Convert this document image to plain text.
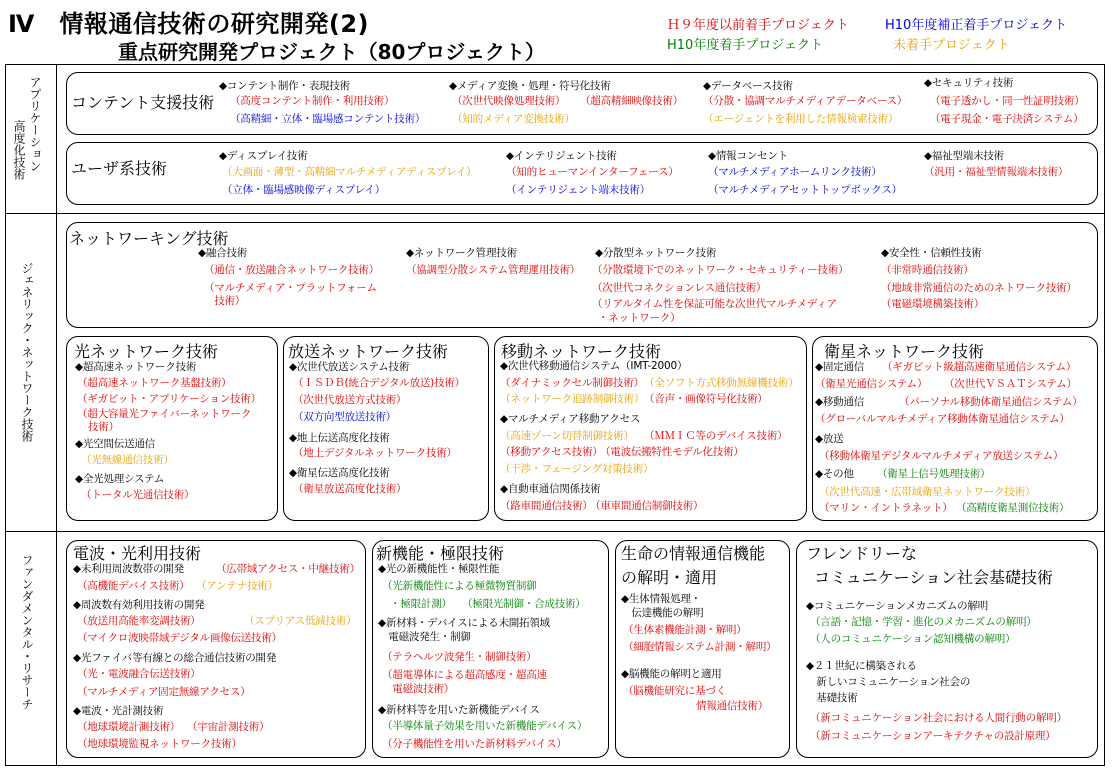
Ⅳ　情報通信技術の研究開発(2)
重点研究開発プロジェクト（80プロジェクト）
Ｈ９年度以前着手プロジェクト	H10年度補正着手プロジェクト
H10年度着手プロジェクト	未着手プロジェクト
アプリケーション
高度化技術
ジェネリック・ネットワーク技術
ファンダメンタル・リサーチ
コンテント支援技術
◆コンテント制作・表現技術
（高度コンテント制作・利用技術）
（高精細・立体・臨場感コンテント技術）
◆メディア変換・処理・符号化技術
（次世代映像処理技術） （超高精細映像技術）
（知的メディア変換技術）
◆データベース技術
（分散・協調マルチメディアデータベース）
（エージェントを利用した情報検索技術）
◆セキュリティ技術
（電子透かし・同一性証明技術）
（電子現金・電子決済システム）
ユーザ系技術
◆ディスプレイ技術
（大画面・薄型・高精細マルチメディアディスプレイ）
（立体・臨場感映像ディスプレイ）
◆インテリジェント技術
（知的ヒューマンインターフェース）
（インテリジェント端末技術）
◆情報コンセント
（マルチメディアホームリンク技術）
（マルチメディアセットトップボックス）
◆福祉型端末技術
（汎用・福祉型情報端末技術）
ネットワーキング技術
◆融合技術
（通信・放送融合ネットワーク技術）
（マルチメディア・プラットフォーム
　技術）
◆ネットワーク管理技術
（協調型分散システム管理運用技術）
◆分散型ネットワーク技術
（分散環境下でのネットワーク・セキュリティー技術）
（次世代コネクションレス通信技術）
（リアルタイム性を保証可能な次世代マルチメディア
・ネットワーク）
◆安全性・信頼性技術
（非常時通信技術）
（地域非常通信のためのネトワーク技術）
（電磁環境構築技術）
光ネットワーク技術
◆超高速ネットワーク技術
（超高速ネットワーク基盤技術）
（ギガビット・アプリケーション技術）
（超大容量光ファイバーネットワーク
技術）
◆光空間伝送通信
（光無線通信技術）
◆全光処理システム
（トータル光通信技術）
放送ネットワーク技術
◆次世代放送システム技術
（ＩＳＤＢ(統合デジタル放送)技術）
（次世代放送方式技術）
（双方向型放送技術）
◆地上伝送高度化技術
（地上デジタルネットワーク技術）
◆衛星伝送高度化技術
（衛星放送高度化技術）
移動ネットワーク技術
◆次世代移動通信システム（IMT-2000）
（ダイナミックセル制御技術） （全ソフト方式移動無線機技術）
（ネットワーク追跡制御技術） （音声・画像符号化技術）
◆マルチメディア移動アクセス
（高速ゾーン切替制御技術） （ＭＭＩＣ等のデバイス技術）
（移動アクセス技術）
（電波伝搬特性モデル化技術）
（干渉・フェージング対策技術）
◆自動車通信関係技術
（路車間通信技術）
（車車間通信制御技術）
衛星ネットワーク技術
◆固定通信 （ギガビット級超高速衛星通信システム）
（衛星光通信システム） （次世代ＶＳＡＴシステム）
◆移動通信	（パーソナル移動体衛星通信システム）
（グローバルマルチメディア移動体衛星通信システム）
◆放送
（移動体衛星デジタルマルチメディア放送システム）
◆その他 （衛星上信号処理技術）
（次世代高速・広帯域衛星ネットワーク技術）
（マリン・イントラネット） （高精度衛星測位技術）
電波・光利用技術
◆未利用周波数帯の開発	（広帯域アクセス・中継技術）
（高機能デバイス技術） （アンテナ技術）
◆周波数有効利用技術の開発
（放送用高能率変調技術）	（スプリアス低減技術）
（マイクロ波映帯域デジタル画像伝送技術）
◆光ファイバ等有線との総合通信技術の開発
（光・電波融合伝送技術）
（マルチメディア固定無線アクセス）
◆電波・光計測技術
（地球環境計測技術） （宇宙計測技術）
（地球環境監視ネットワーク技術）
新機能・極限技術
◆光の新機能性・極限性能
（光新機能性による極微物質制御
・極限計測） （極限光制御・合成技術）
◆新材料・デバイスによる未開拓領域
　電磁波発生・制御
（テラヘルツ波発生・制御技術）
（超電導体による超高感度・超高速
　電磁波技術）
◆新材料等を用いた新機能デバイス
（半導体量子効果を用いた新機能デバイス）
（分子機能性を用いた新材料デバイス）
生命の情報通信機能
の解明・適用
◆生体情報処理・
　伝達機能の解明
（生体素機能計測・解明）
（細胞情報システム計測・解明）
◆脳機能の解明と適用
（脳機能研究に基づく
情報通信技術）
フレンドリーな
コミュニケーション社会基礎技術
◆コミュニケーションメカニズムの解明
（言語・記憶・学習・進化のメカニズムの解明）
（人のコミュニケーション認知機構の解明）
◆２１世紀に構築される
　新しいコミュニケーション社会の
　基礎技術
（新コミュニケーション社会における人間行動の解明）
（新コミュニケーションアーキテクチャの設計原理）
